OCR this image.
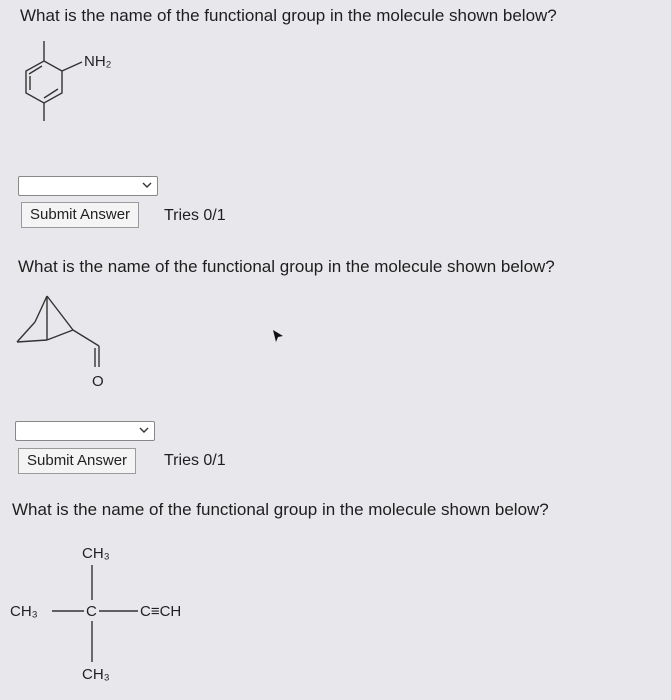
What is the name of the functional group in the molecule shown below?
NH₂
Submit Answer	Tries 0/1
What is the name of the functional group in the molecule shown below?
O
Submit Answer	Tries 0/1
What is the name of the functional group in the molecule shown below?
CH₃
CH₃	C	C≡CH
CH₃
